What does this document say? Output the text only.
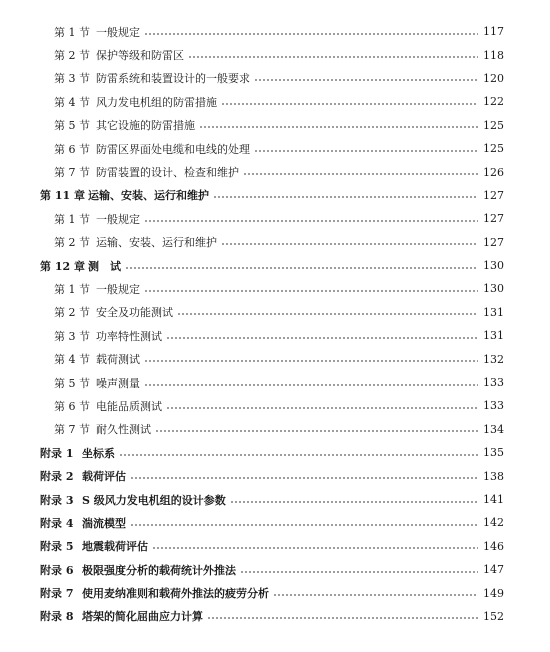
第 1 节 一般规定	117
第 2 节 保护等级和防雷区	118
第 3 节 防雷系统和装置设计的一般要求	120
第 4 节 风力发电机组的防雷措施	122
第 5 节 其它设施的防雷措施	125
第 6 节 防雷区界面处电缆和电线的处理	125
第 7 节 防雷装置的设计、检查和维护	126
第 11 章 运输、安装、运行和维护	127
第 1 节 一般规定	127
第 2 节 运输、安装、运行和维护	127
第 12 章 测　试	130
第 1 节 一般规定	130
第 2 节 安全及功能测试	131
第 3 节 功率特性测试	131
第 4 节 载荷测试	132
第 5 节 噪声测量	133
第 6 节 电能品质测试	133
第 7 节 耐久性测试	134
附录 1 坐标系	135
附录 2 载荷评估	138
附录 3 S 级风力发电机组的设计参数	141
附录 4 湍流模型	142
附录 5 地震载荷评估	146
附录 6 极限强度分析的载荷统计外推法	147
附录 7 使用麦纳准则和载荷外推法的疲劳分析	149
附录 8 塔架的简化屈曲应力计算	152
